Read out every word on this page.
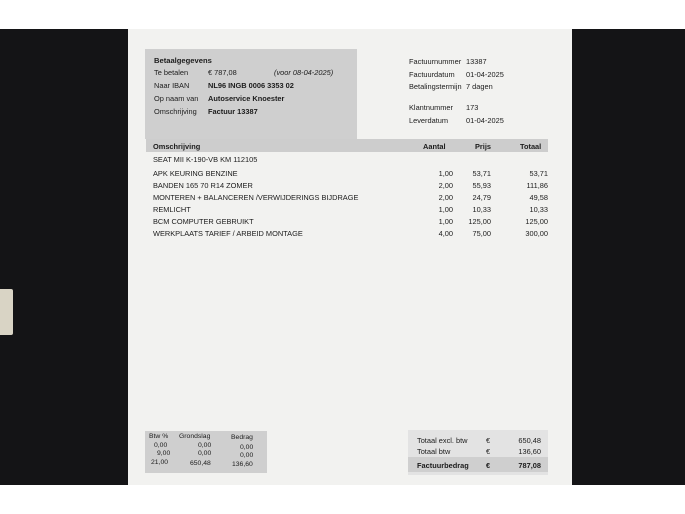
Betaalgegevens
Te betalen	€ 787,08	(voor 08-04-2025)
Naar IBAN	NL96 INGB 0006 3353 02
Op naam van Autoservice Knoester
Omschrijving Factuur 13387
Factuurnummer 13387
Factuurdatum 01-04-2025
Betalingstermijn 7 dagen
Klantnummer 173
Leverdatum 01-04-2025
Omschrijving	Aantal	Prijs	Totaal
SEAT MII K-190-VB KM 112105
APK KEURING BENZINE	1,00	53,71	53,71
BANDEN 165 70 R14 ZOMER	2,00	55,93	111,86
MONTEREN + BALANCEREN /VERWIJDERINGS BIJDRAGE	2,00	24,79	49,58
REMLICHT	1,00	10,33	10,33
BCM COMPUTER GEBRUIKT	1,00 125,00	125,00
WERKPLAATS TARIEF / ARBEID MONTAGE	4,00	75,00	300,00
Btw % Grondslag	Bedrag
0,00	0,00	0,00
9,00	0,00	0,00
21,00	650,48	136,60
Totaal excl. btw €	650,48
Totaal btw	€	136,60
Factuurbedrag €	787,08
